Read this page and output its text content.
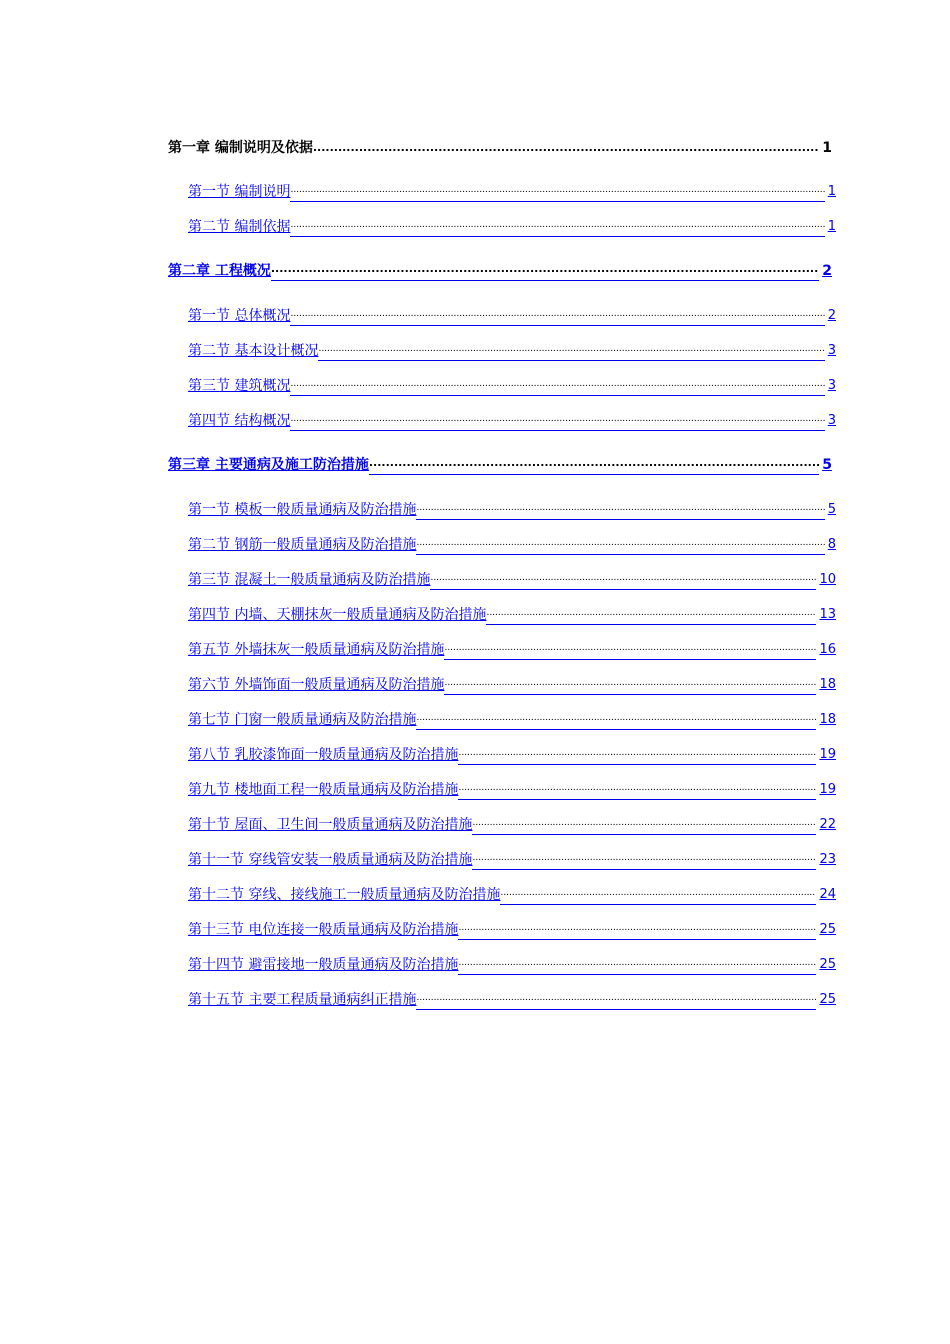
第一章 编制说明及依据 .....	1
第一节 编制说明 .....	1
第二节 编制依据 .....	1
第二章 工程概况 .....	2
第一节 总体概况 .....	2
第二节 基本设计概况 .....	3
第三节 建筑概况 .....	3
第四节 结构概况 .....	3
第三章 主要通病及施工防治措施 .....	5
第一节 模板一般质量通病及防治措施 .....	5
第二节 钢筋一般质量通病及防治措施 .....	8
第三节 混凝土一般质量通病及防治措施 .....	10
第四节 内墙、天棚抹灰一般质量通病及防治措施 .....	13
第五节 外墙抹灰一般质量通病及防治措施 .....	16
第六节 外墙饰面一般质量通病及防治措施 .....	18
第七节 门窗一般质量通病及防治措施 .....	18
第八节 乳胶漆饰面一般质量通病及防治措施 .....	19
第九节 楼地面工程一般质量通病及防治措施 .....	19
第十节 屋面、卫生间一般质量通病及防治措施 .....	22
第十一节 穿线管安装一般质量通病及防治措施 .....	23
第十二节 穿线、接线施工一般质量通病及防治措施 .....	24
第十三节 电位连接一般质量通病及防治措施 .....	25
第十四节 避雷接地一般质量通病及防治措施 .....	25
第十五节 主要工程质量通病纠正措施 .....	25
